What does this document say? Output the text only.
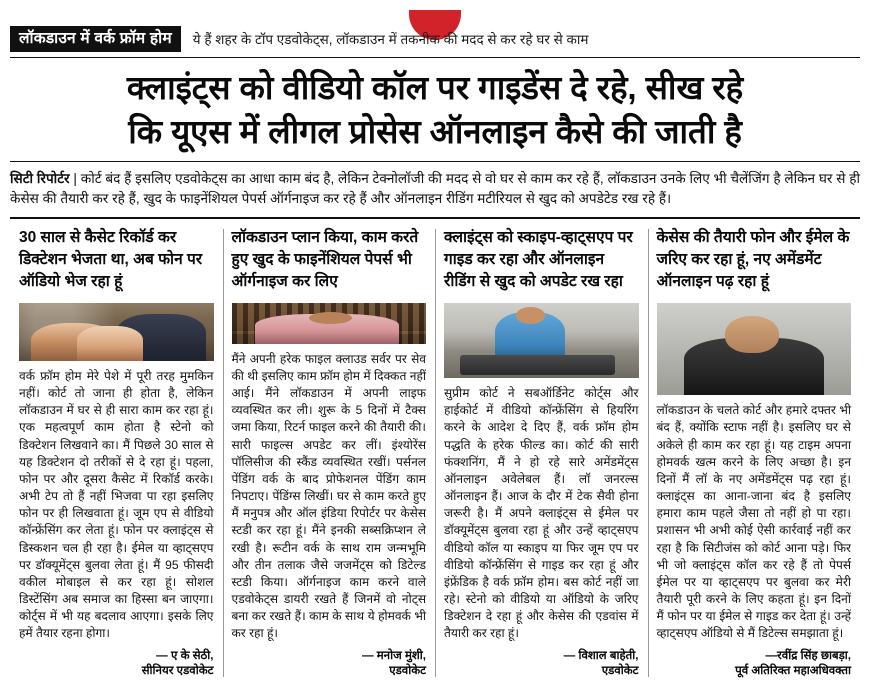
लॉकडाउन में वर्क फ्रॉम होम	ये हैं शहर के टॉप एडवोकेट्स, लॉकडाउन में तकनीक की मदद से कर रहे घर से काम
क्लाइंट्स को वीडियो कॉल पर गाइडेंस दे रहे, सीख रहे
कि यूएस में लीगल प्रोसेस ऑनलाइन कैसे की जाती है
सिटी रिपोर्टर | कोर्ट बंद हैं इसलिए एडवोकेट्स का आधा काम बंद है, लेकिन टेक्नोलॉजी की मदद से वो घर से काम कर रहे हैं, लॉकडाउन उनके लिए भी चैलेंजिंग है लेकिन घर से ही केसेस की तैयारी कर रहे हैं, खुद के फाइनेंशियल पेपर्स ऑर्गनाइज कर रहे हैं और ऑनलाइन रीडिंग मटीरियल से खुद को अपडेटेड रख रहे हैं।
30 साल से कैसेट रिकॉर्ड कर डिक्टेशन भेजता था, अब फोन पर ऑडियो भेज रहा हूं
वर्क फ्रॉम होम मेरे पेशे में पूरी तरह मुमकिन नहीं। कोर्ट तो जाना ही होता है, लेकिन लॉकडाउन में घर से ही सारा काम कर रहा हूं। एक महत्वपूर्ण काम होता है स्टेनो को डिक्टेशन लिखवाने का। मैं पिछले 30 साल से यह डिक्टेशन दो तरीकों से दे रहा हूं। पहला, फोन पर और दूसरा कैसेट में रिकॉर्ड करके। अभी टेप तो हैं नहीं भिजवा पा रहा इसलिए फोन पर ही लिखवाता हूं। जूम एप से वीडियो कॉन्फ्रेंसिंग कर लेता हूं। फोन पर क्लाइंट्स से डिस्कशन चल ही रहा है। ईमेल या व्हाट्सएप पर डॉक्यूमेंट्स बुलवा लेता हूं। मैं 95 फीसदी वकील मोबाइल से कर रहा हूं। सोशल डिस्टेंसिंग अब समाज का हिस्सा बन जाएगा। कोर्ट्स में भी यह बदलाव आएगा। इसके लिए हमें तैयार रहना होगा।
— ए के सेठी,
सीनियर एडवोकेट
लॉकडाउन प्लान किया, काम करते हुए खुद के फाइनेंशियल पेपर्स भी ऑर्गनाइज कर लिए
मैंने अपनी हरेक फाइल क्लाउड सर्वर पर सेव की थी इसलिए काम फ्रॉम होम में दिक्कत नहीं आई। मैंने लॉकडाउन में अपनी लाइफ व्यवस्थित कर ली। शुरू के 5 दिनों में टैक्स जमा किया, रिटर्न फाइल करने की तैयारी की। सारी फाइल्स अपडेट कर लीं। इंश्योरेंस पॉलिसीज की स्कैंड व्यवस्थित रखीं। पर्सनल पेंडिंग वर्क के बाद प्रोफेशनल पेंडिंग काम निपटाए। पेंडिंग्स लिखीं। घर से काम करते हुए मैं मनुपत्र और ऑल इंडिया रिपोर्टर पर केसेस स्टडी कर रहा हूं। मैंने इनकी सब्सक्रिप्शन ले रखी है। रूटीन वर्क के साथ राम जन्मभूमि और तीन तलाक जैसे जजमेंट्स को डिटेल्ड स्टडी किया। ऑर्गनाइज काम करने वाले एडवोकेट्स डायरी रखते हैं जिनमें वो नोट्स बना कर रखते हैं। काम के साथ ये होमवर्क भी कर रहा हूं।
— मनोज मुंशी,
एडवोकेट
क्लाइंट्स को स्काइप-व्हाट्सएप पर गाइड कर रहा और ऑनलाइन रीडिंग से खुद को अपडेट रख रहा
सुप्रीम कोर्ट ने सबऑर्डिनेट कोर्ट्स और हाईकोर्ट में वीडियो कॉन्फ्रेंसिंग से हियरिंग करने के आदेश दे दिए हैं, वर्क फ्रॉम होम पद्धति के हरेक फील्ड का। कोर्ट की सारी फंक्शनिंग, मैं ने हो रहे सारे अमेंडमेंट्स ऑनलाइन अवेलेबल हैं। लॉ जनरल्स ऑनलाइन हैं। आज के दौर में टेक सैवी होना जरूरी है। मैं अपने क्लाइंट्स से ईमेल पर डॉक्यूमेंट्स बुलवा रहा हूं और उन्हें व्हाट्सएप वीडियो कॉल या स्काइप या फिर जूम एप पर वीडियो कॉन्फ्रेंसिंग से गाइड कर रहा हूं और इंफ्रेंडिक है वर्क फ्रॉम होम। बस कोर्ट नहीं जा रहे। स्टेनो को वीडियो या ऑडियो के जरिए डिक्टेशन दे रहा हूं और केसेस की एडवांस में तैयारी कर रहा हूं।
— विशाल बाहेती,
एडवोकेट
केसेस की तैयारी फोन और ईमेल के जरिए कर रहा हूं, नए अमेंडमेंट ऑनलाइन पढ़ रहा हूं
लॉकडाउन के चलते कोर्ट और हमारे दफ्तर भी बंद हैं, क्योंकि स्टाफ नहीं है। इसलिए घर से अकेले ही काम कर रहा हूं। यह टाइम अपना होमवर्क खत्म करने के लिए अच्छा है। इन दिनों मैं लॉ के नए अमेंडमेंट्स पढ़ रहा हूं। क्लाइंट्स का आना-जाना बंद है इसलिए हमारा काम पहले जैसा तो नहीं हो पा रहा। प्रशासन भी अभी कोई ऐसी कार्रवाई नहीं कर रहा है कि सिटीजंस को कोर्ट आना पड़े। फिर भी जो क्लाइंट्स कॉल कर रहे हैं तो पेपर्स ईमेल पर या व्हाट्सएप पर बुलवा कर मेरी तैयारी पूरी करने के लिए कहता हूं। इन दिनों मैं फोन पर या ईमेल से गाइड कर देता हूं। उन्हें व्हाट्सएप ऑडियो से मैं डिटेल्स समझाता हूं।
—रवींद्र सिंह छाबड़ा,
पूर्व अतिरिक्त महाअधिवक्ता
